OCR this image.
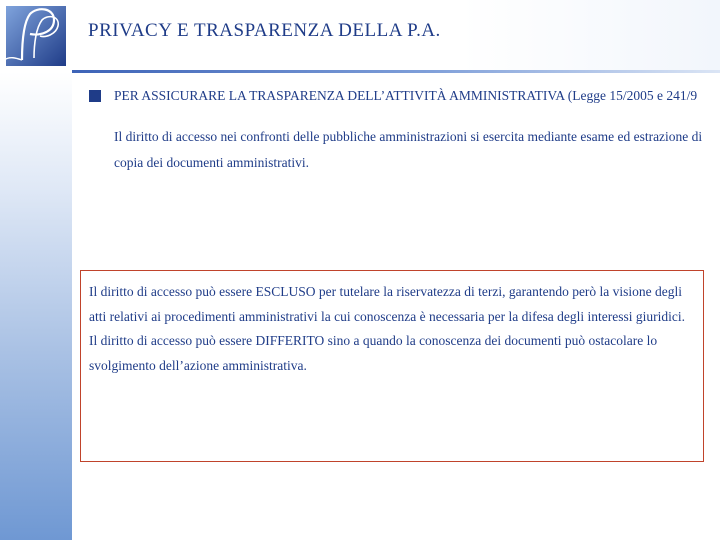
PRIVACY E TRASPARENZA DELLA P.A.
PER ASSICURARE LA TRASPARENZA DELL’ATTIVITÀ AMMINISTRATIVA (Legge 15/2005 e 241/9
Il diritto di accesso nei confronti delle pubbliche amministrazioni si esercita mediante esame ed estrazione di copia dei documenti amministrativi.

Il diritto di accesso può essere ESCLUSO per tutelare la riservatezza di terzi, garantendo però la visione degli atti relativi ai procedimenti amministrativi la cui conoscenza è necessaria per la difesa degli interessi giuridici.

Il diritto di accesso può essere DIFFERITO sino a quando la conoscenza dei documenti può ostacolare lo svolgimento dell’azione amministrativa.
